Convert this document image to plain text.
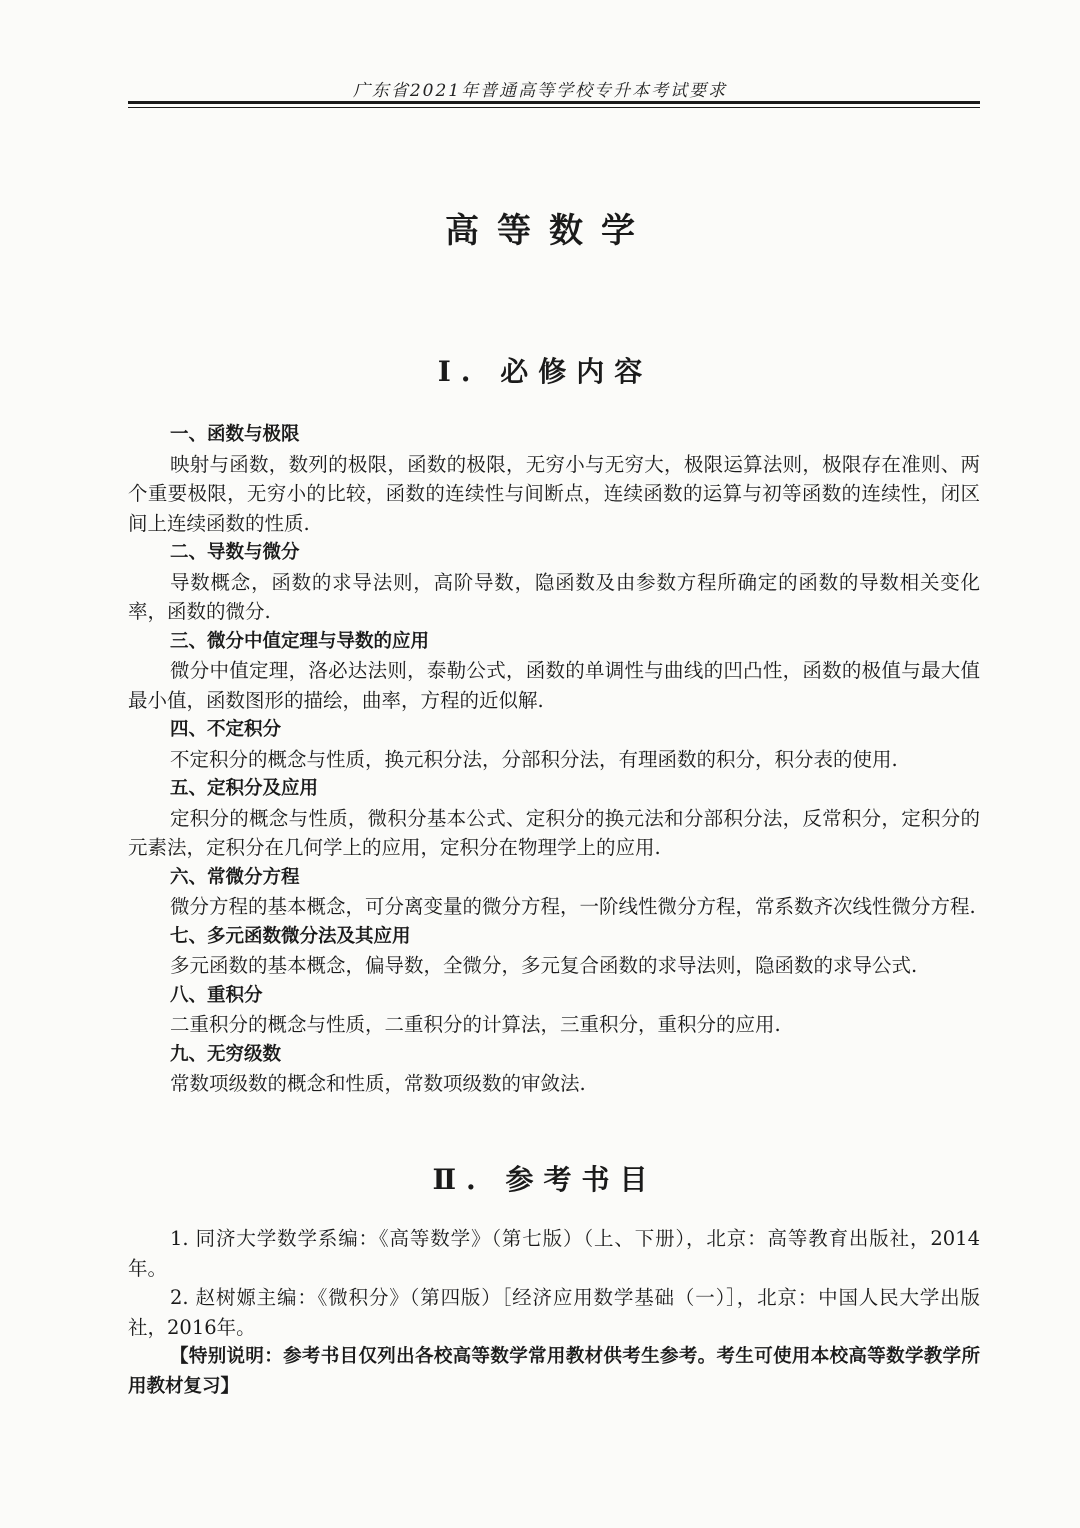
广东省2021年普通高等学校专升本考试要求
高等数学
Ⅰ. 必修内容
一、函数与极限
映射与函数，数列的极限，函数的极限，无穷小与无穷大，极限运算法则，极限存在准则、两个重要极限，无穷小的比较，函数的连续性与间断点，连续函数的运算与初等函数的连续性，闭区间上连续函数的性质.
二、导数与微分
导数概念，函数的求导法则，高阶导数，隐函数及由参数方程所确定的函数的导数相关变化率，函数的微分.
三、微分中值定理与导数的应用
微分中值定理，洛必达法则，泰勒公式，函数的单调性与曲线的凹凸性，函数的极值与最大值最小值，函数图形的描绘，曲率，方程的近似解.
四、不定积分
不定积分的概念与性质，换元积分法，分部积分法，有理函数的积分，积分表的使用.
五、定积分及应用
定积分的概念与性质，微积分基本公式、定积分的换元法和分部积分法，反常积分，定积分的元素法，定积分在几何学上的应用，定积分在物理学上的应用.
六、常微分方程
微分方程的基本概念，可分离变量的微分方程，一阶线性微分方程，常系数齐次线性微分方程.
七、多元函数微分法及其应用
多元函数的基本概念，偏导数，全微分，多元复合函数的求导法则，隐函数的求导公式.
八、重积分
二重积分的概念与性质，二重积分的计算法，三重积分，重积分的应用.
九、无穷级数
常数项级数的概念和性质，常数项级数的审敛法.
Ⅱ. 参考书目
1. 同济大学数学系编：《高等数学》（第七版）（上、下册），北京：高等教育出版社，2014年。
2. 赵树嫄主编：《微积分》（第四版）［经济应用数学基础（一）］，北京：中国人民大学出版社，2016年。
【特别说明：参考书目仅列出各校高等数学常用教材供考生参考。考生可使用本校高等数学教学所用教材复习】
